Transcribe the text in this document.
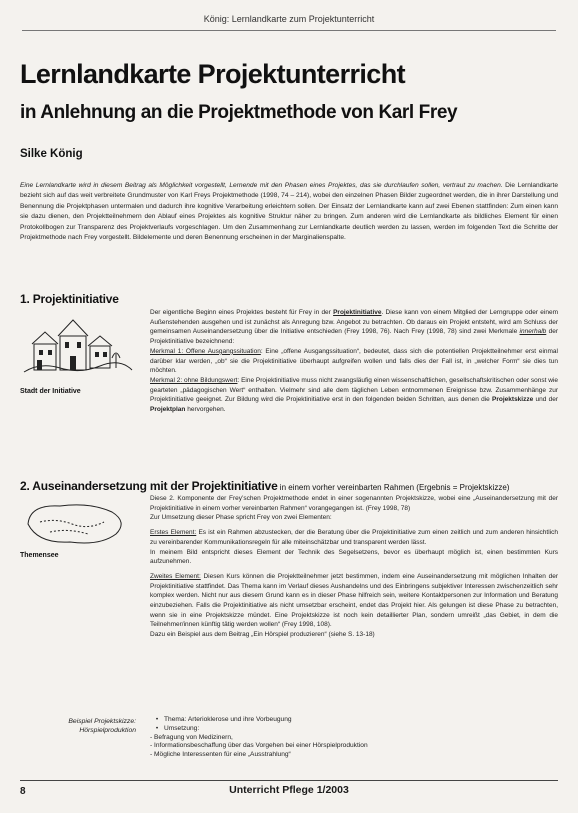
König: Lernlandkarte zum Projektunterricht
Lernlandkarte Projektunterricht
in Anlehnung an die Projektmethode von Karl Frey
Silke König
Eine Lernlandkarte wird in diesem Beitrag als Möglichkeit vorgestellt, Lernende mit den Phasen eines Projektes, das sie durchlaufen sollen, vertraut zu machen. Die Lernlandkarte bezieht sich auf das weit verbreitete Grundmuster von Karl Freys Projektmethode (1998, 74 – 214), wobei den einzelnen Phasen Bilder zugeordnet werden, die in ihrer Darstellung und Benennung die Projektphasen untermalen und dadurch ihre kognitive Verarbeitung erleichtern sollen. Der Einsatz der Lernlandkarte kann auf zwei Ebenen stattfinden: Zum einen kann sie dazu dienen, den Projektteilnehmern den Ablauf eines Projektes als kognitive Struktur näher zu bringen. Zum anderen wird die Lernlandkarte als bildliches Element für einen Protokollbogen zur Transparenz des Projektverlaufs vorgeschlagen. Um den Zusammenhang zur Lernlandkarte deutlich werden zu lassen, werden im folgenden Text die Schritte der Projektmethode nach Frey vorgestellt. Bildelemente und deren Benennung erscheinen in der Marginalienspalte.
1. Projektinitiative
Stadt der Initiative

Der eigentliche Beginn eines Projektes besteht für Frey in der Projektinitiative. Diese kann von einem Mitglied der Lerngruppe oder einem Außenstehenden ausgehen und ist zunächst als Anregung bzw. Angebot zu betrachten. Ob daraus ein Projekt entsteht, wird am Schluss der gemeinsamen Auseinandersetzung über die Initiative entschieden (Frey 1998, 76). Nach Frey (1998, 78) sind zwei Merkmale innerhalb der Projektinitiative bezeichnend:

Merkmal 1: Offene Ausgangssituation: Eine „offene Ausgangssituation“, bedeutet, dass sich die potentiellen Projektteilnehmer erst einmal darüber klar werden, „ob“ sie die Projektinitiative überhaupt aufgreifen wollen und falls dies der Fall ist, in „welcher Form“ sie dies tun möchten.

Merkmal 2: ohne Bildungswert: Eine Projektinitiative muss nicht zwangsläufig einen wissenschaftlichen, gesellschaftskritischen oder sonst wie gearteten „pädagogischen Wert“ enthalten. Vielmehr sind alle dem täglichen Leben entnommenen Ereignisse bzw. Zusammenhänge zur Projektinitiative geeignet. Zur Bildung wird die Projektinitiative erst in den folgenden beiden Schritten, aus denen die Projektskizze und der Projektplan hervorgehen.

2. Auseinandersetzung mit der Projektinitiative in einem vorher vereinbarten Rahmen (Ergebnis = Projektskizze)
Themensee

Diese 2. Komponente der Frey’schen Projektmethode endet in einer sogenannten Projektskizze, wobei eine „Auseinandersetzung mit der Projektinitiative in einem vorher vereinbarten Rahmen“ vorangegangen ist. (Frey 1998, 78)

Zur Umsetzung dieser Phase spricht Frey von zwei Elementen:

Erstes Element: Es ist ein Rahmen abzustecken, der die Beratung über die Projektinitiative zum einen zeitlich und zum anderen hinsichtlich zu vereinbarender Kommunikationsregeln für alle miteinschätzbar und transparent werden lässt.

In meinem Bild entspricht dieses Element der Technik des Segelsetzens, bevor es überhaupt möglich ist, einen bestimmten Kurs aufzunehmen.

Zweites Element: Diesen Kurs können die Projektteilnehmer jetzt bestimmen, indem eine Auseinandersetzung mit möglichen Inhalten der Projektinitiative stattfindet. Das Thema kann im Verlauf dieses Aushandelns und des Einbringens subjektiver Interessen zwischenzeitlich sehr komplex werden. Nicht nur aus diesem Grund kann es in dieser Phase hilfreich sein, weitere Kontaktpersonen zur Information und Beratung einzubeziehen. Falls die Projektinitiative als nicht umsetzbar erscheint, endet das Projekt hier. Als gelungen ist diese Phase zu betrachten, wenn sie in eine Projektskizze mündet. Eine Projektskizze ist noch kein detaillierter Plan, sondern umreißt „das Gebiet, in dem die Teilnehmer/innen künftig tätig werden wollen“ (Frey 1998, 108).

Dazu ein Beispiel aus dem Beitrag „Ein Hörspiel produzieren“ (siehe S. 13-18)

Beispiel Projektskizze:

Hörspielproduktion

• Thema: Arterioklerose und ihre Vorbeugung

• Umsetzung:

- Befragung von Medizinern,

- Informationsbeschaffung über das Vorgehen bei einer Hörspielproduktion

- Mögliche Interessenten für eine „Ausstrahlung“

8	Unterricht Pflege 1/2003
